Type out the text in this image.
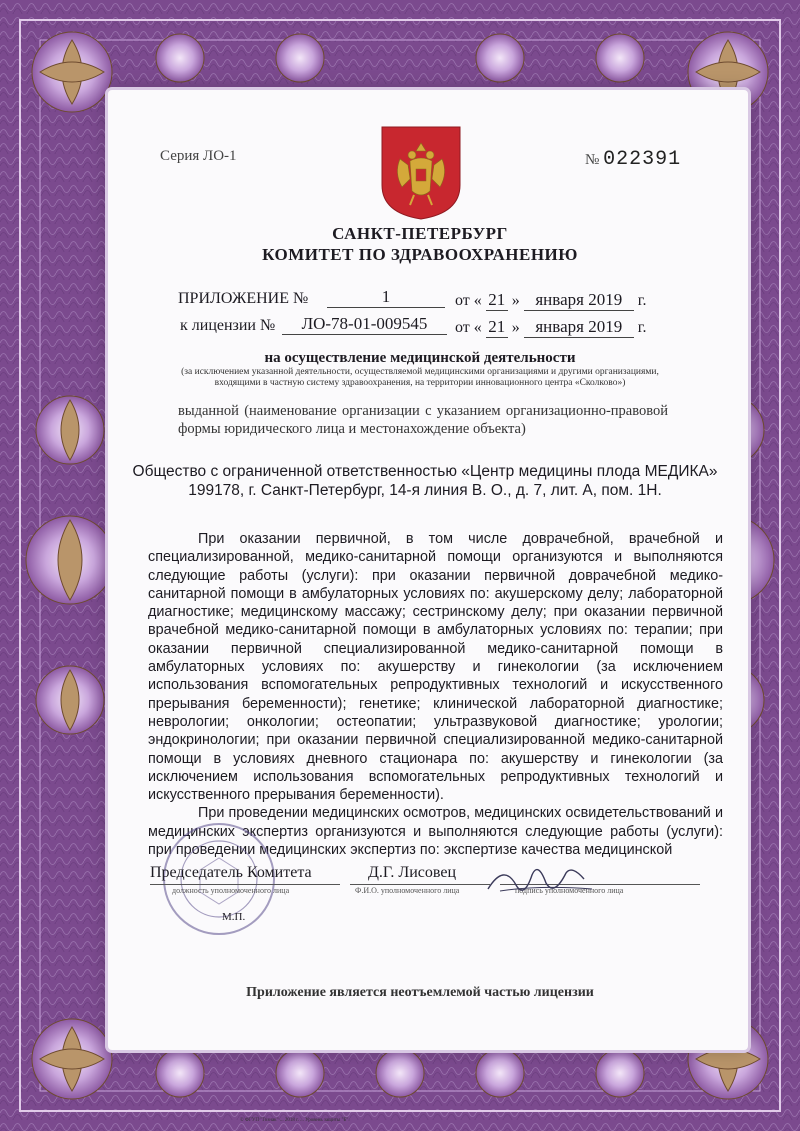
Серия ЛО-1	№ 022391
САНКТ-ПЕТЕРБУРГ
КОМИТЕТ ПО ЗДРАВООХРАНЕНИЮ
ПРИЛОЖЕНИЕ №	1	от « 21 » января 2019 г.
к лицензии №	ЛО-78-01-009545	от « 21 » января 2019 г.
на осуществление медицинской деятельности
(за исключением указанной деятельности, осуществляемой медицинскими организациями и другими организациями, входящими в частную систему здравоохранения, на территории инновационного центра «Сколково»)
выданной (наименование организации с указанием организационно-правовой формы юридического лица и местонахождение объекта)
Общество с ограниченной ответственностью «Центр медицины плода МЕДИКА»
199178, г. Санкт-Петербург, 14-я линия В. О., д. 7, лит. А, пом. 1Н.

При оказании первичной, в том числе доврачебной, врачебной и специализированной, медико-санитарной помощи организуются и выполняются следующие работы (услуги): при оказании первичной доврачебной медико-санитарной помощи в амбулаторных условиях по: акушерскому делу; лабораторной диагностике; медицинскому массажу; сестринскому делу; при оказании первичной врачебной медико-санитарной помощи в амбулаторных условиях по: терапии; при оказании первичной специализированной медико-санитарной помощи в амбулаторных условиях по: акушерству и гинекологии (за исключением использования вспомогательных репродуктивных технологий и искусственного прерывания беременности); генетике; клинической лабораторной диагностике; неврологии; онкологии; остеопатии; ультразвуковой диагностике; урологии; эндокринологии; при оказании первичной специализированной медико-санитарной помощи в условиях дневного стационара по: акушерству и гинекологии (за исключением использования вспомогательных репродуктивных технологий и искусственного прерывания беременности).

При проведении медицинских осмотров, медицинских освидетельствований и медицинских экспертиз организуются и выполняются следующие работы (услуги): при проведении медицинских экспертиз по: экспертизе качества медицинской

Председатель Комитета	Д.Г. Лисовец
должность уполномоченного лица	Ф.И.О. уполномоченного лица	подпись уполномоченного лица
М.П.
Приложение является неотъемлемой частью лицензии
© ФГУП "Гознак" ... 2018 г. ... Уровень защиты "Б".
